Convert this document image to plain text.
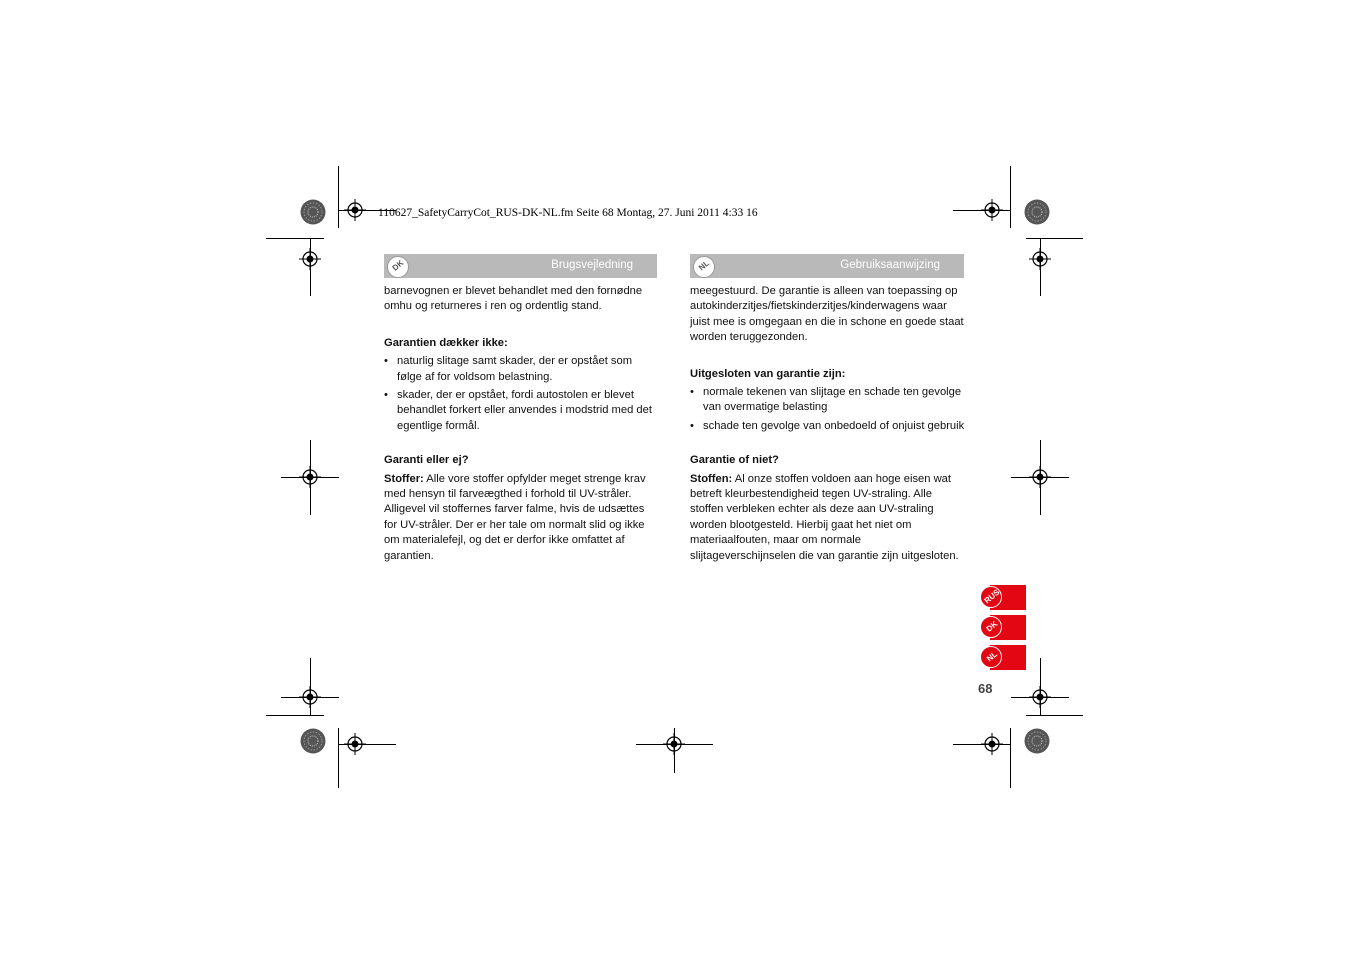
110627_SafetyCarryCot_RUS-DK-NL.fm Seite 68 Montag, 27. Juni 2011 4:33 16
DK	Brugsvejledning

barnevognen er blevet behandlet med den fornødne omhu og returneres i ren og ordentlig stand.

Garantien dækker ikke:

• naturlig slitage samt skader, der er opstået som følge af for voldsom belastning.
• skader, der er opstået, fordi autostolen er blevet behandlet forkert eller anvendes i modstrid med det egentlige formål.

Garanti eller ej?

Stoffer: Alle vore stoffer opfylder meget strenge krav med hensyn til farveægthed i forhold til UV-stråler. Alligevel vil stoffernes farver falme, hvis de udsættes for UV-stråler. Der er her tale om normalt slid og ikke om materialefejl, og det er derfor ikke omfattet af garantien.

NL	Gebruiksaanwijzing

meegestuurd. De garantie is alleen van toepassing op autokinderzitjes/fietskinderzitjes/kinderwagens waar juist mee is omgegaan en die in schone en goede staat worden teruggezonden.

Uitgesloten van garantie zijn:

• normale tekenen van slijtage en schade ten gevolge van overmatige belasting
• schade ten gevolge van onbedoeld of onjuist gebruik

Garantie of niet?

Stoffen: Al onze stoffen voldoen aan hoge eisen wat betreft kleurbestendigheid tegen UV-straling. Alle stoffen verbleken echter als deze aan UV-straling worden blootgesteld. Hierbij gaat het niet om materiaalfouten, maar om normale slijtageverschijnselen die van garantie zijn uitgesloten.

RUS
DK
NL
68
